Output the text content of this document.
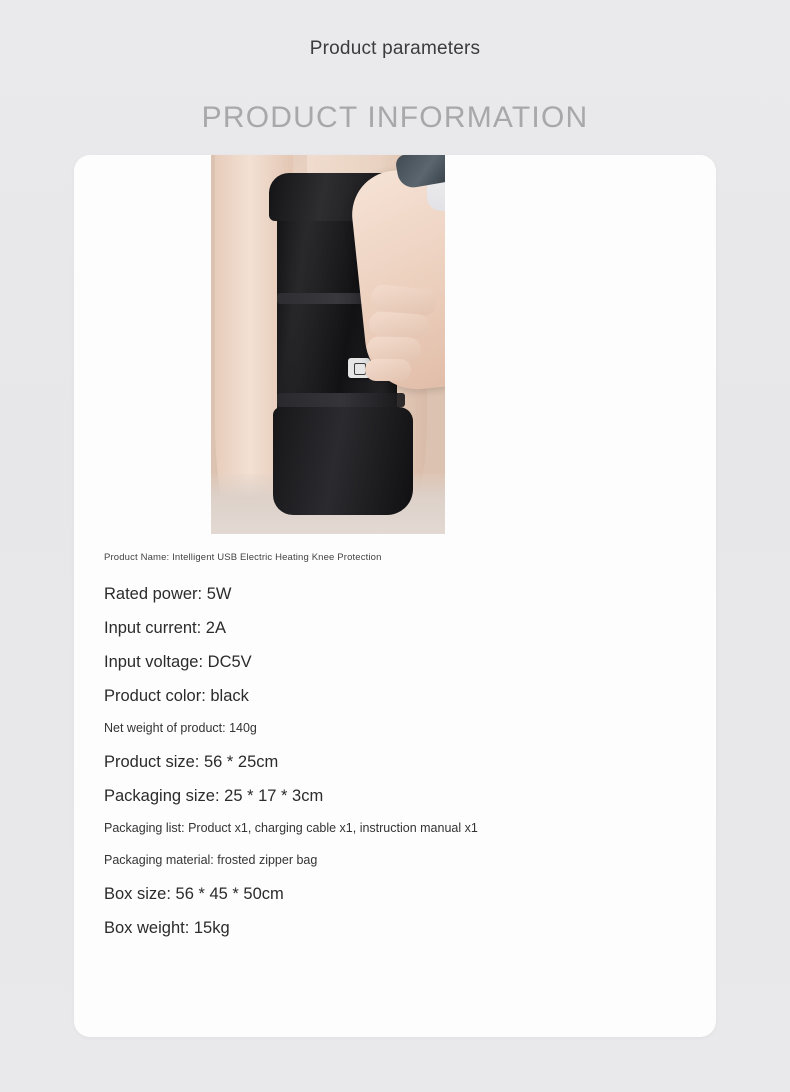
Product parameters
PRODUCT INFORMATION
Product Name: Intelligent USB Electric Heating Knee Protection
Rated power: 5W
Input current: 2A
Input voltage: DC5V
Product color: black
Net weight of product: 140g
Product size: 56 * 25cm
Packaging size: 25 * 17 * 3cm
Packaging list: Product x1, charging cable x1, instruction manual x1
Packaging material: frosted zipper bag
Box size: 56 * 45 * 50cm
Box weight: 15kg
